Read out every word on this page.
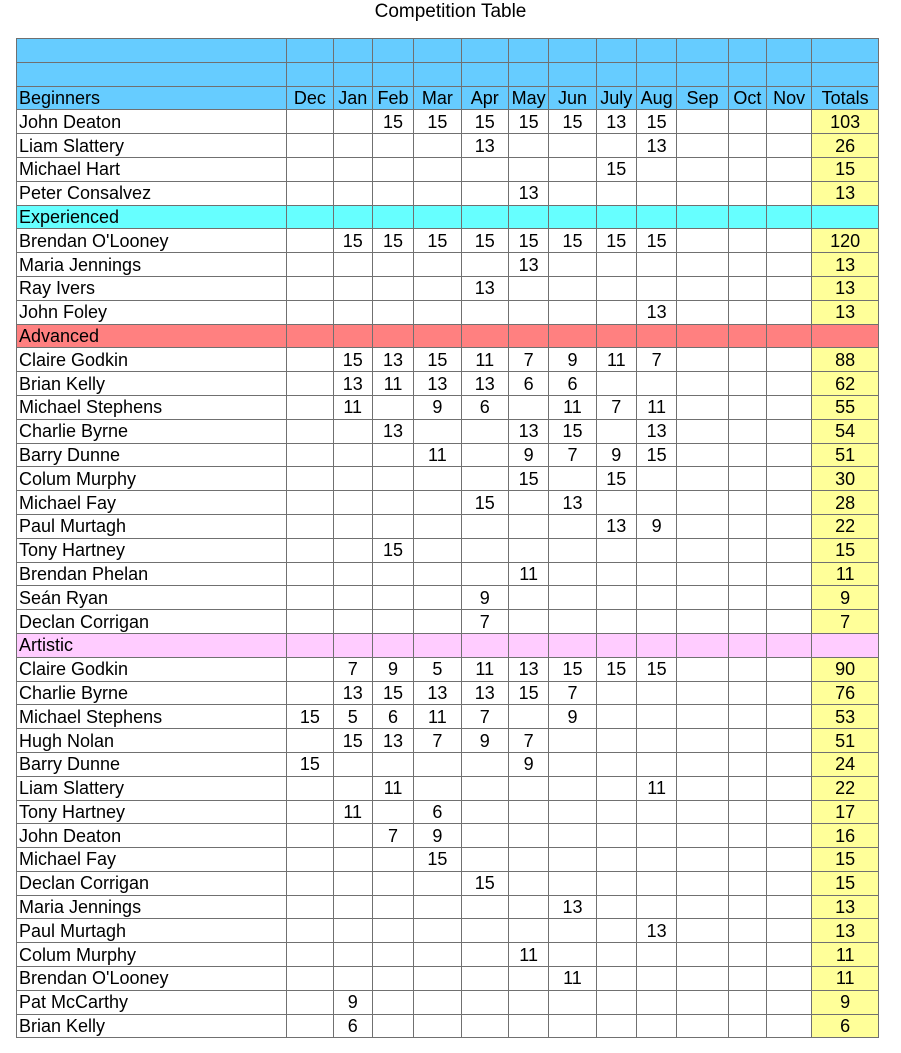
Competition Table

Beginners	Dec	Jan	Feb	Mar	Apr	May	Jun	July	Aug	Sep	Oct	Nov	Totals
John Deaton			15	15	15	15	15	13	15				103
Liam Slattery					13				13				26
Michael Hart								15					15
Peter Consalvez						13							13
Experienced													
Brendan O'Looney		15	15	15	15	15	15	15	15				120
Maria Jennings						13							13
Ray Ivers					13								13
John Foley									13				13
Advanced													
Claire Godkin		15	13	15	11	7	9	11	7				88
Brian Kelly		13	11	13	13	6	6						62
Michael Stephens		11		9	6		11	7	11				55
Charlie Byrne			13			13	15		13				54
Barry Dunne				11		9	7	9	15				51
Colum Murphy						15		15					30
Michael Fay					15		13						28
Paul Murtagh								13	9				22
Tony Hartney			15										15
Brendan Phelan						11							11
Seán Ryan					9								9
Declan Corrigan					7								7
Artistic													
Claire Godkin		7	9	5	11	13	15	15	15				90
Charlie Byrne		13	15	13	13	15	7						76
Michael Stephens	15	5	6	11	7		9						53
Hugh Nolan		15	13	7	9	7							51
Barry Dunne	15					9							24
Liam Slattery			11						11				22
Tony Hartney		11		6									17
John Deaton			7	9									16
Michael Fay				15									15
Declan Corrigan					15								15
Maria Jennings							13						13
Paul Murtagh									13				13
Colum Murphy						11							11
Brendan O'Looney							11						11
Pat McCarthy		9											9
Brian Kelly		6											6
